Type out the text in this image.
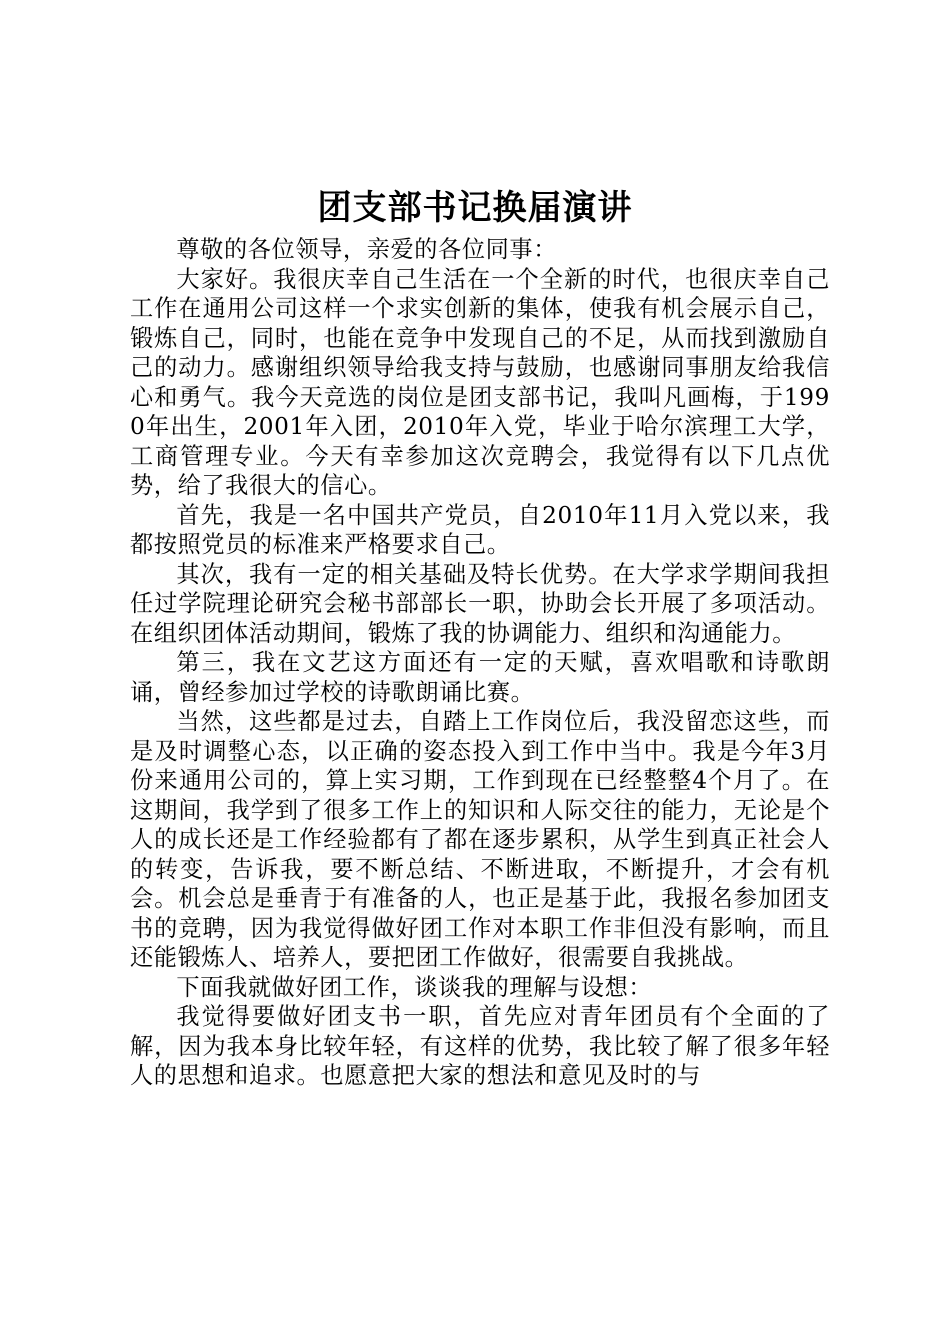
团支部书记换届演讲

尊敬的各位领导，亲爱的各位同事：

大家好。我很庆幸自己生活在一个全新的时代，也很庆幸自己工作在通用公司这样一个求实创新的集体，使我有机会展示自己，锻炼自己，同时，也能在竞争中发现自己的不足，从而找到激励自己的动力。感谢组织领导给我支持与鼓励，也感谢同事朋友给我信心和勇气。我今天竞选的岗位是团支部书记，我叫凡画梅，于1990年出生，2001年入团，2010年入党，毕业于哈尔滨理工大学，工商管理专业。今天有幸参加这次竞聘会，我觉得有以下几点优势，给了我很大的信心。

首先，我是一名中国共产党员，自2010年11月入党以来，我都按照党员的标准来严格要求自己。

其次，我有一定的相关基础及特长优势。在大学求学期间我担任过学院理论研究会秘书部部长一职，协助会长开展了多项活动。在组织团体活动期间，锻炼了我的协调能力、组织和沟通能力。

第三，我在文艺这方面还有一定的天赋，喜欢唱歌和诗歌朗诵，曾经参加过学校的诗歌朗诵比赛。

当然，这些都是过去，自踏上工作岗位后，我没留恋这些，而是及时调整心态，以正确的姿态投入到工作中当中。我是今年3月份来通用公司的，算上实习期，工作到现在已经整整4个月了。在这期间，我学到了很多工作上的知识和人际交往的能力，无论是个人的成长还是工作经验都有了都在逐步累积，从学生到真正社会人的转变，告诉我，要不断总结、不断进取，不断提升，才会有机会。机会总是垂青于有准备的人，也正是基于此，我报名参加团支书的竞聘，因为我觉得做好团工作对本职工作非但没有影响，而且还能锻炼人、培养人，要把团工作做好，很需要自我挑战。

下面我就做好团工作，谈谈我的理解与设想：

我觉得要做好团支书一职，首先应对青年团员有个全面的了解，因为我本身比较年轻，有这样的优势，我比较了解了很多年轻人的思想和追求。也愿意把大家的想法和意见及时的与
